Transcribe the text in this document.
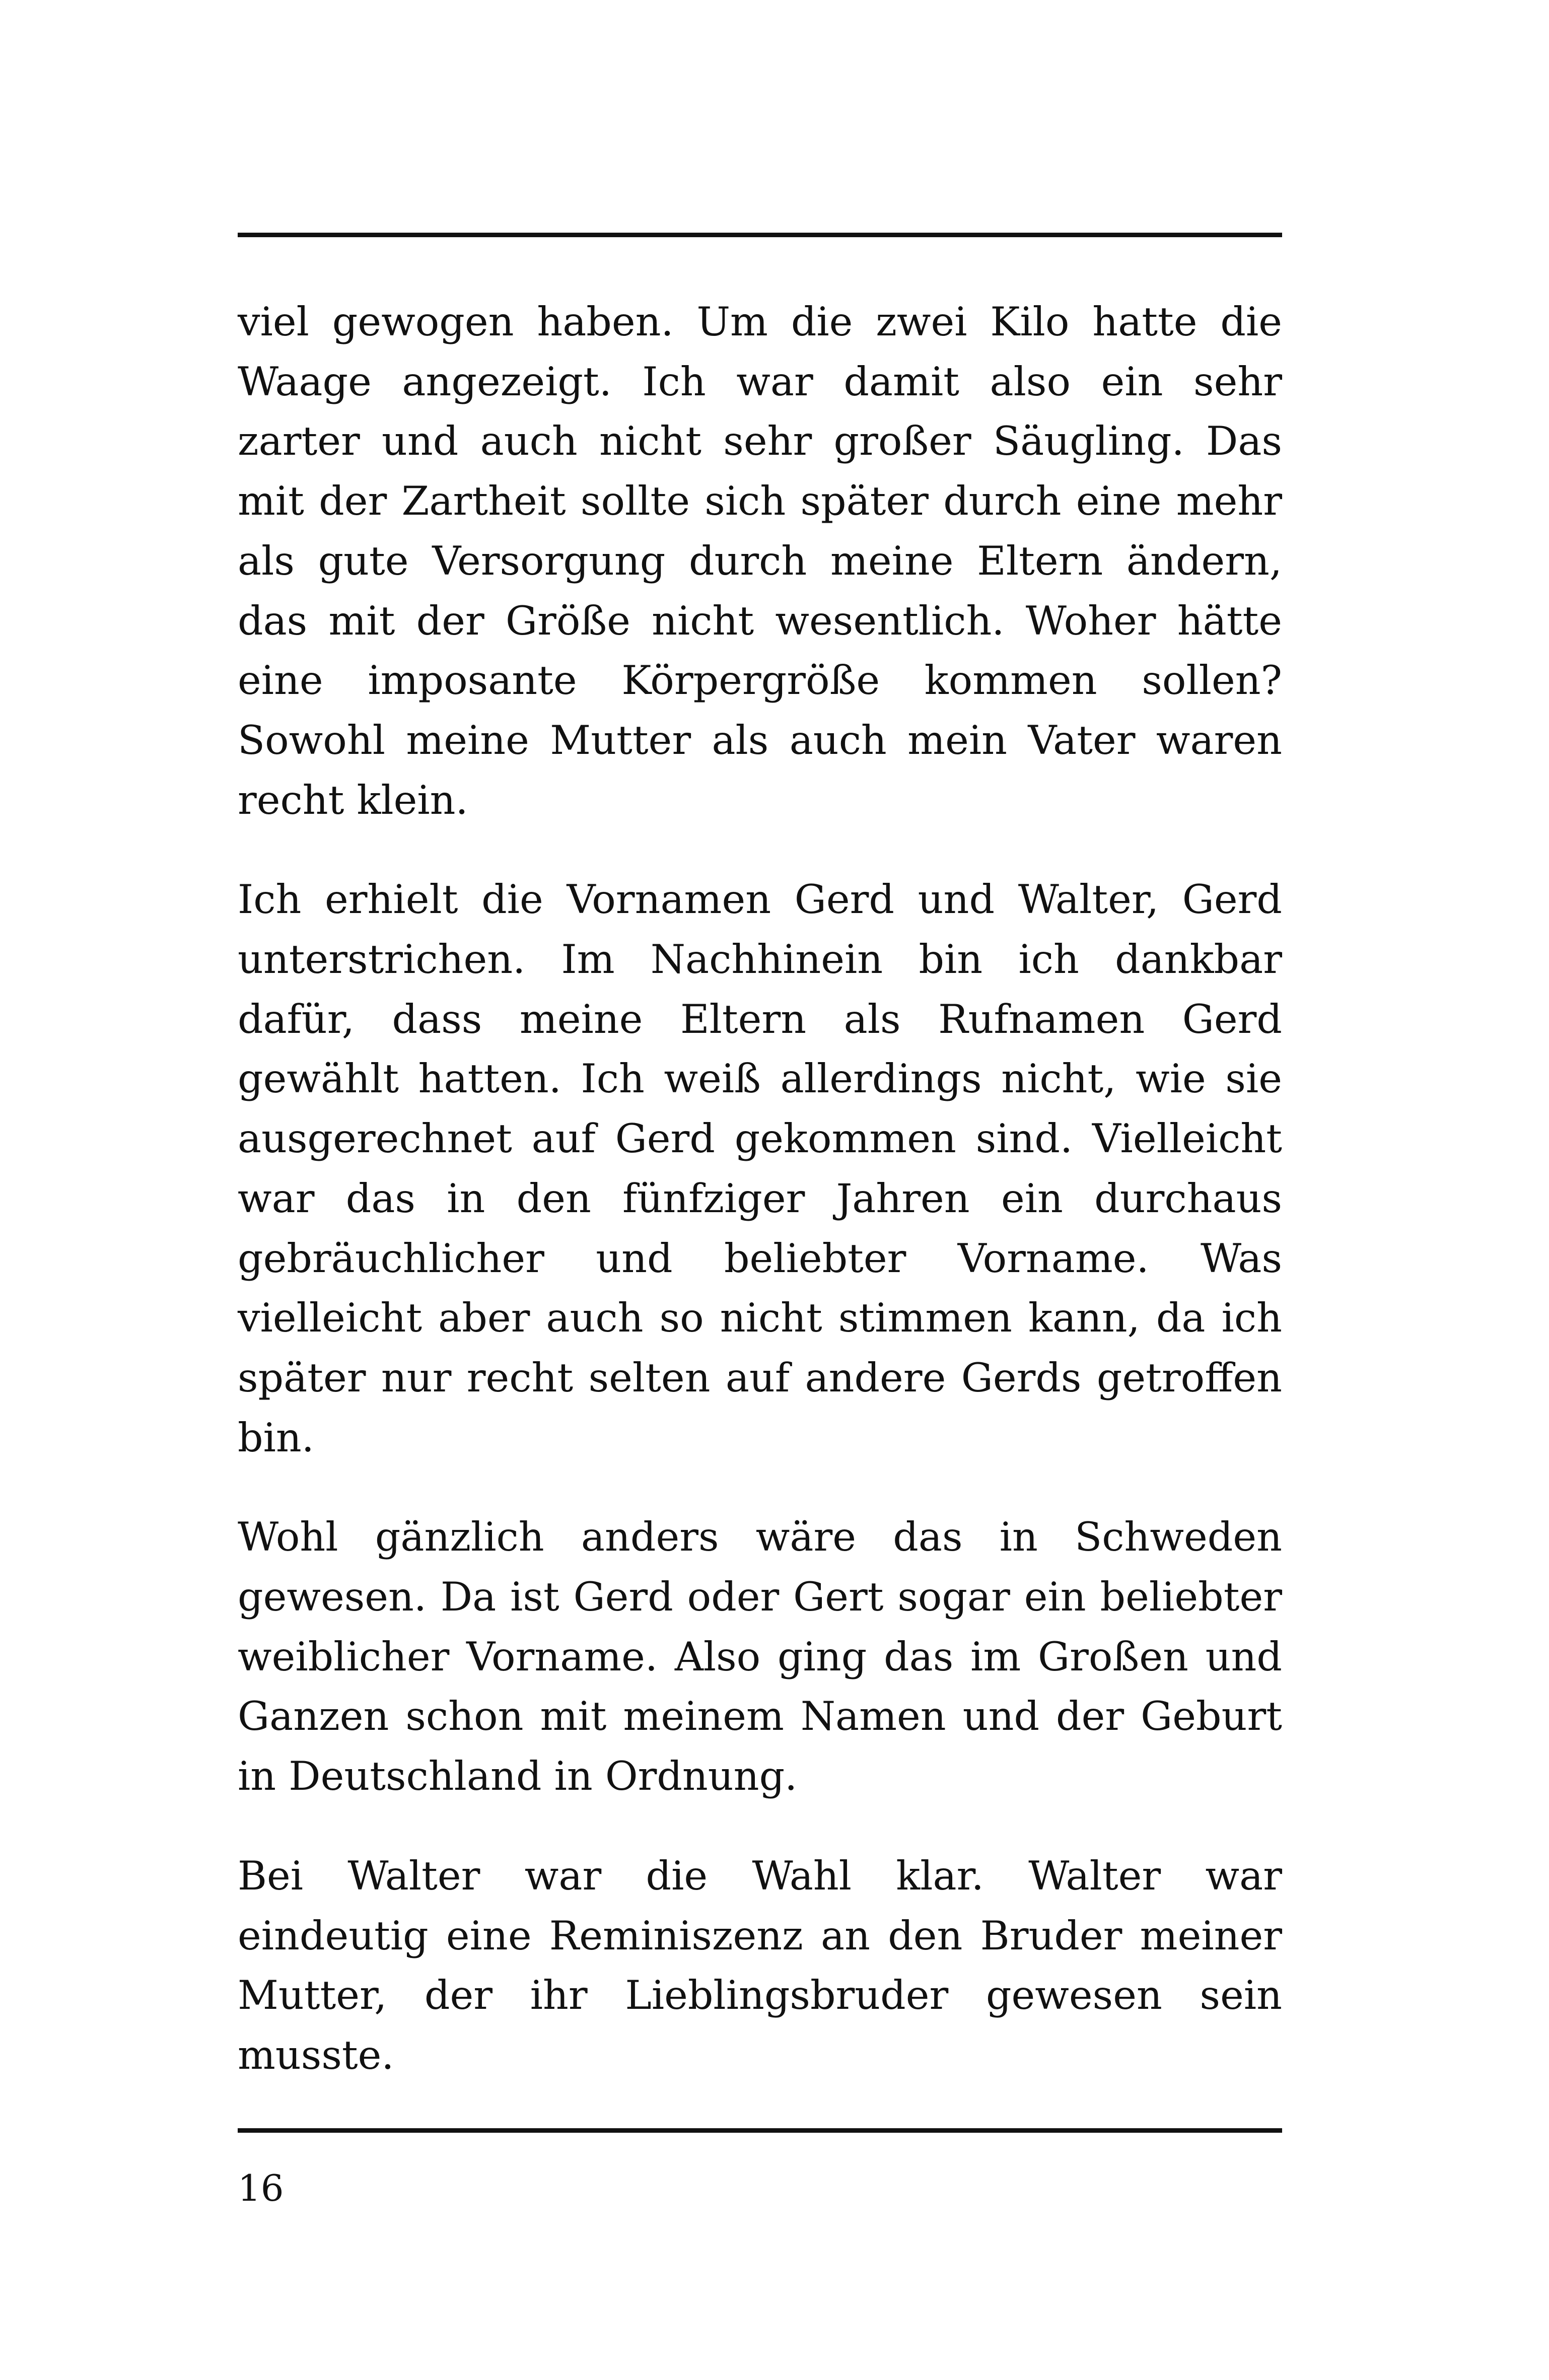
viel gewogen haben. Um die zwei Kilo hatte die
Waage angezeigt. Ich war damit also ein sehr
zarter und auch nicht sehr großer Säugling. Das
mit der Zartheit sollte sich später durch eine mehr
als gute Versorgung durch meine Eltern ändern,
das mit der Größe nicht wesentlich. Woher hätte
eine imposante Körpergröße kommen sollen?
Sowohl meine Mutter als auch mein Vater waren
recht klein.

Ich erhielt die Vornamen Gerd und Walter, Gerd
unterstrichen. Im Nachhinein bin ich dankbar
dafür, dass meine Eltern als Rufnamen Gerd
gewählt hatten. Ich weiß allerdings nicht, wie sie
ausgerechnet auf Gerd gekommen sind. Vielleicht
war das in den fünfziger Jahren ein durchaus
gebräuchlicher und beliebter Vorname. Was
vielleicht aber auch so nicht stimmen kann, da ich
später nur recht selten auf andere Gerds getroffen
bin.

Wohl gänzlich anders wäre das in Schweden
gewesen. Da ist Gerd oder Gert sogar ein beliebter
weiblicher Vorname. Also ging das im Großen und
Ganzen schon mit meinem Namen und der Geburt
in Deutschland in Ordnung.

Bei Walter war die Wahl klar. Walter war
eindeutig eine Reminiszenz an den Bruder meiner
Mutter, der ihr Lieblingsbruder gewesen sein
musste.

16
